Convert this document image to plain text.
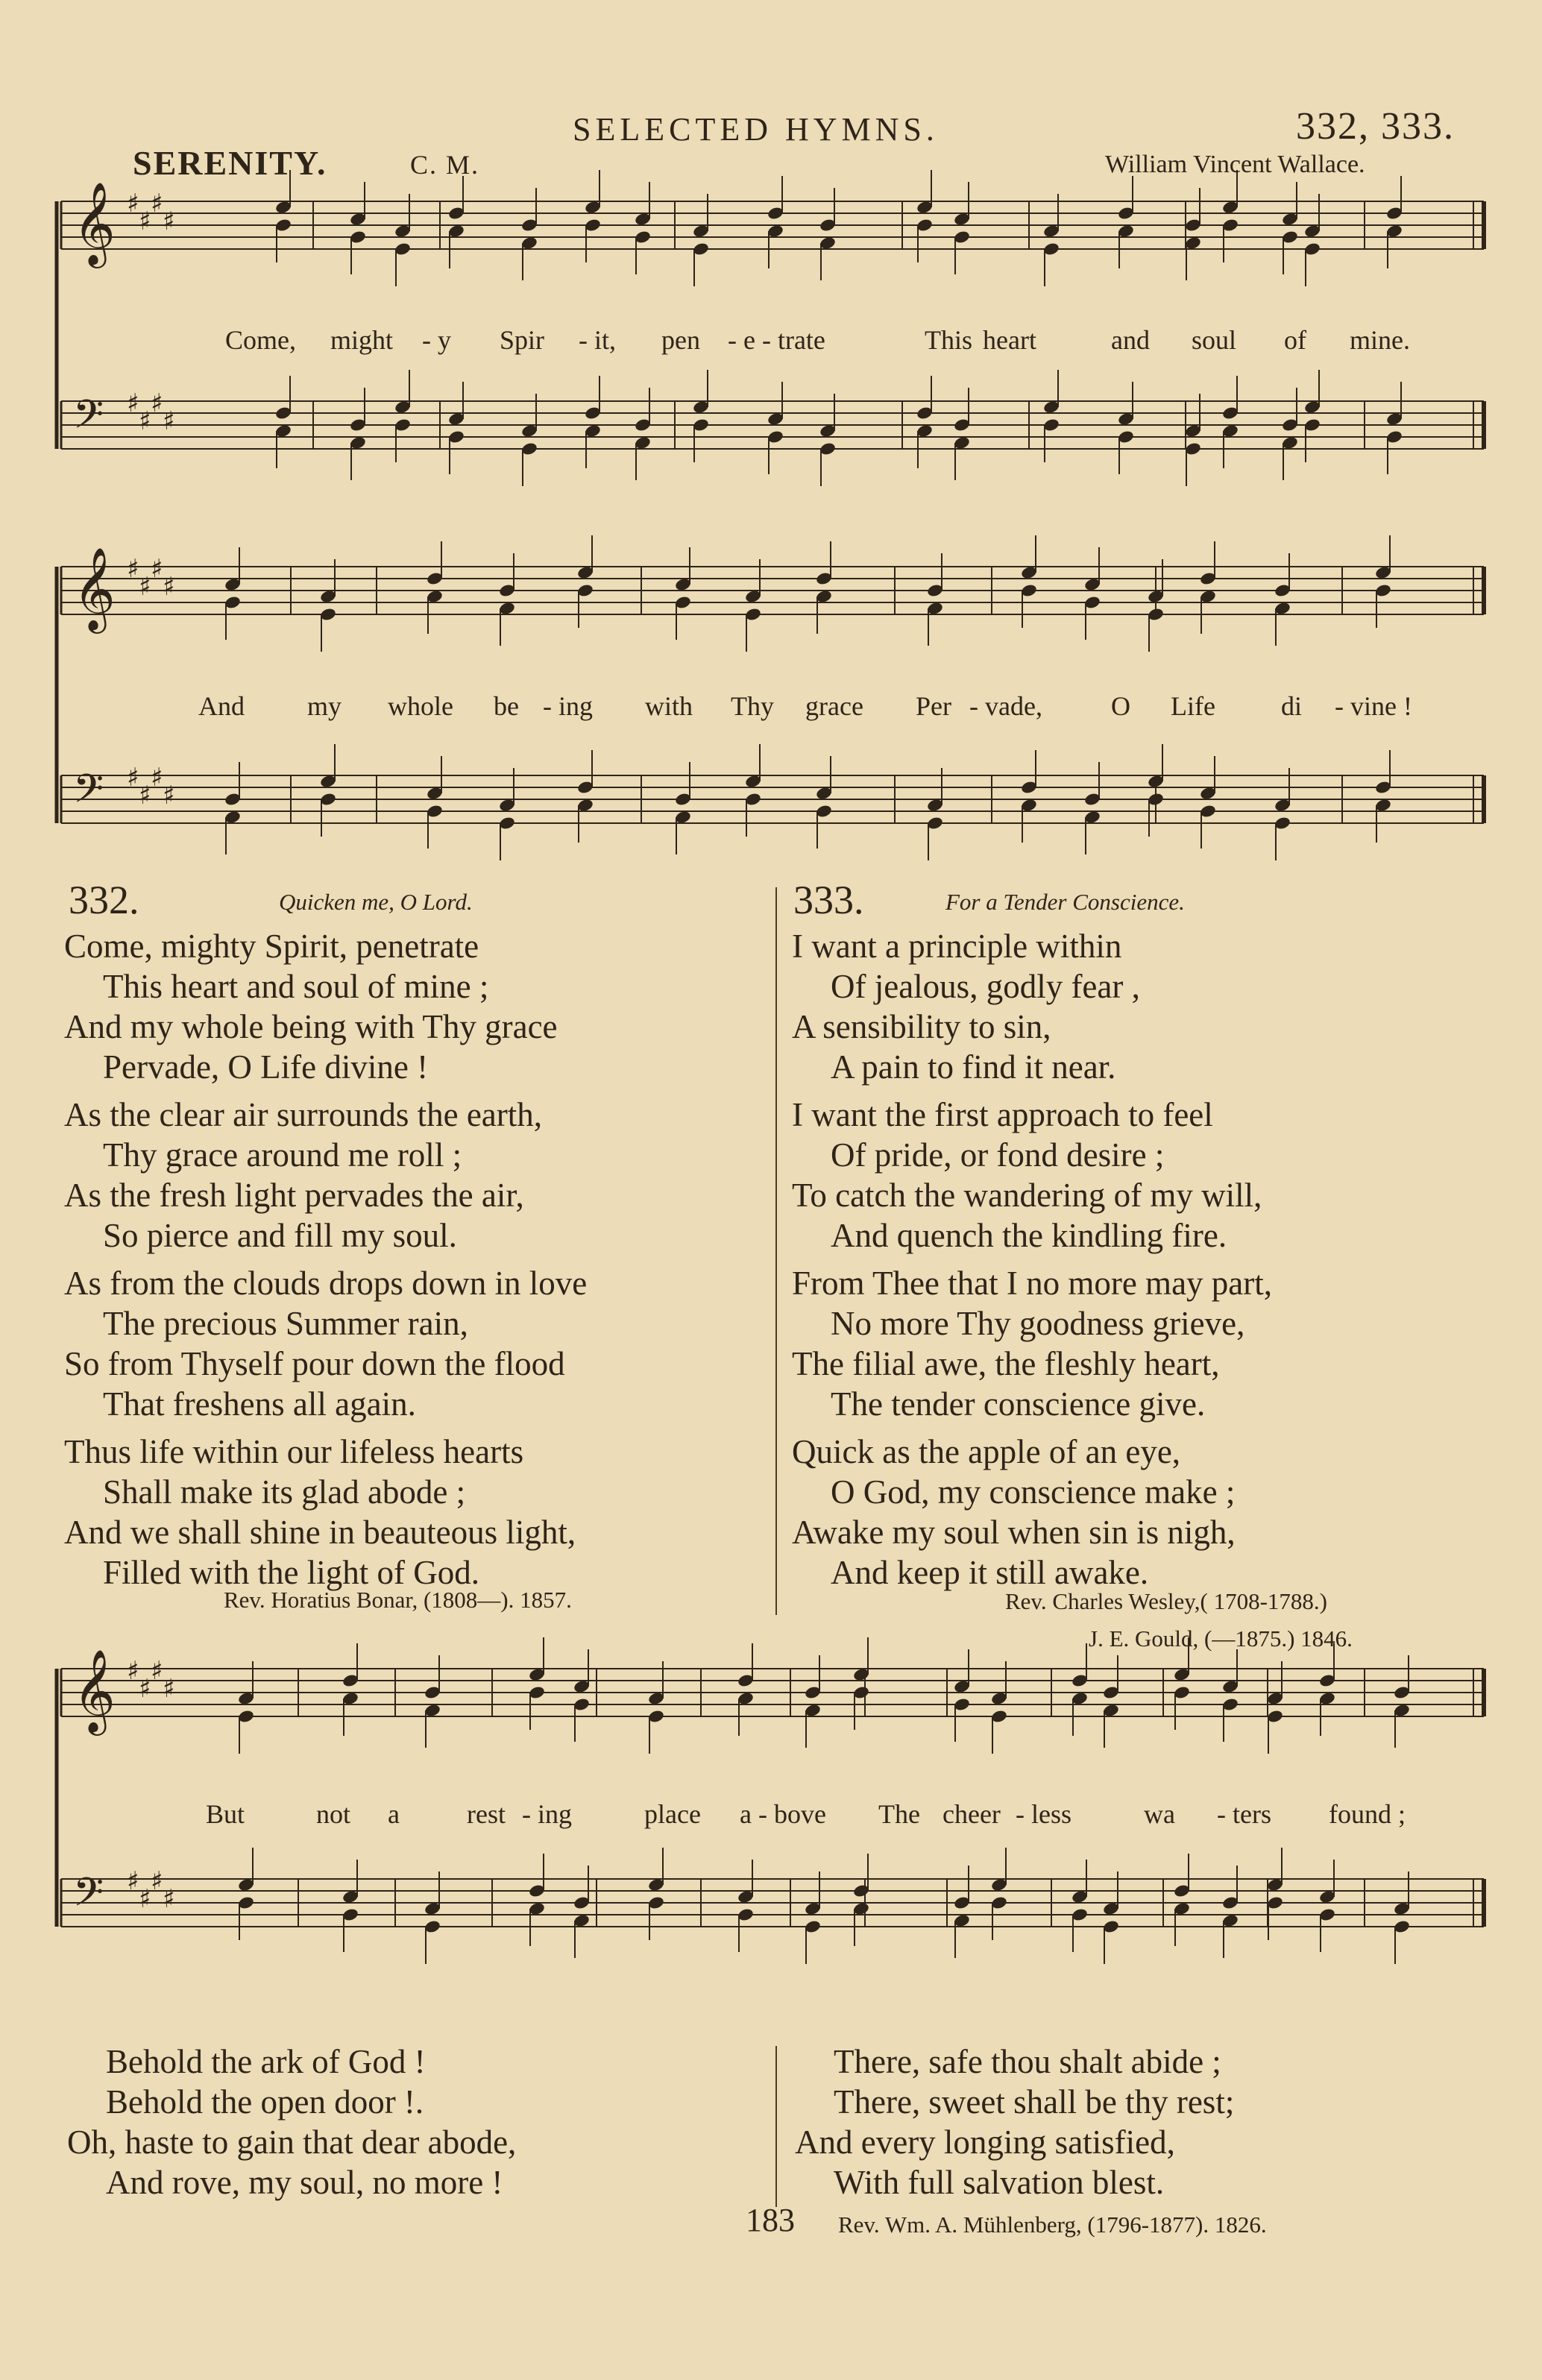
SELECTED HYMNS.	332, 333.
SERENITY.	C. M.	William Vincent Wallace.
𝄞 ♯
♯
♯
♯
𝄢 ♯
♯
♯
♯
𝄞 ♯
♯
♯
♯
𝄢 ♯
♯
♯
♯
𝄞 ♯
♯
♯
♯
𝄢 ♯
♯
♯
♯
Come, might - y Spir - it, pen - e - trate	This heart	and soul of mine.
And my whole be - ing with Thy grace Per - vade,	O Life di - vine !
332.	Quicken me, O Lord.
Come, mighty Spirit, penetrate
This heart and soul of mine ;
And my whole being with Thy grace
Pervade, O Life divine !
As the clear air surrounds the earth,
Thy grace around me roll ;
As the fresh light pervades the air,
So pierce and fill my soul.
As from the clouds drops down in love
The precious Summer rain,
So from Thyself pour down the flood
That freshens all again.
Thus life within our lifeless hearts
Shall make its glad abode ;
And we shall shine in beauteous light,
Filled with the light of God.
Rev. Horatius Bonar, (1808—). 1857.
333.	For a Tender Conscience.
I want a principle within
Of jealous, godly fear ,
A sensibility to sin,
A pain to find it near.
I want the first approach to feel
Of pride, or fond desire ;
To catch the wandering of my will,
And quench the kindling fire.
From Thee that I no more may part,
No more Thy goodness grieve,
The filial awe, the fleshly heart,
The tender conscience give.
Quick as the apple of an eye,
O God, my conscience make ;
Awake my soul when sin is nigh,
And keep it still awake.
Rev. Charles Wesley,( 1708-1788.)
J. E. Gould, (—1875.) 1846.
But	not a	rest - ing	place a - bove The cheer - less	wa - ters found ;
Behold the ark of God !
Behold the open door !.
Oh, haste to gain that dear abode,
And rove, my soul, no more !
There, safe thou shalt abide ;
There, sweet shall be thy rest;
And every longing satisfied,
With full salvation blest.
183 Rev. Wm. A. Mühlenberg, (1796-1877). 1826.
